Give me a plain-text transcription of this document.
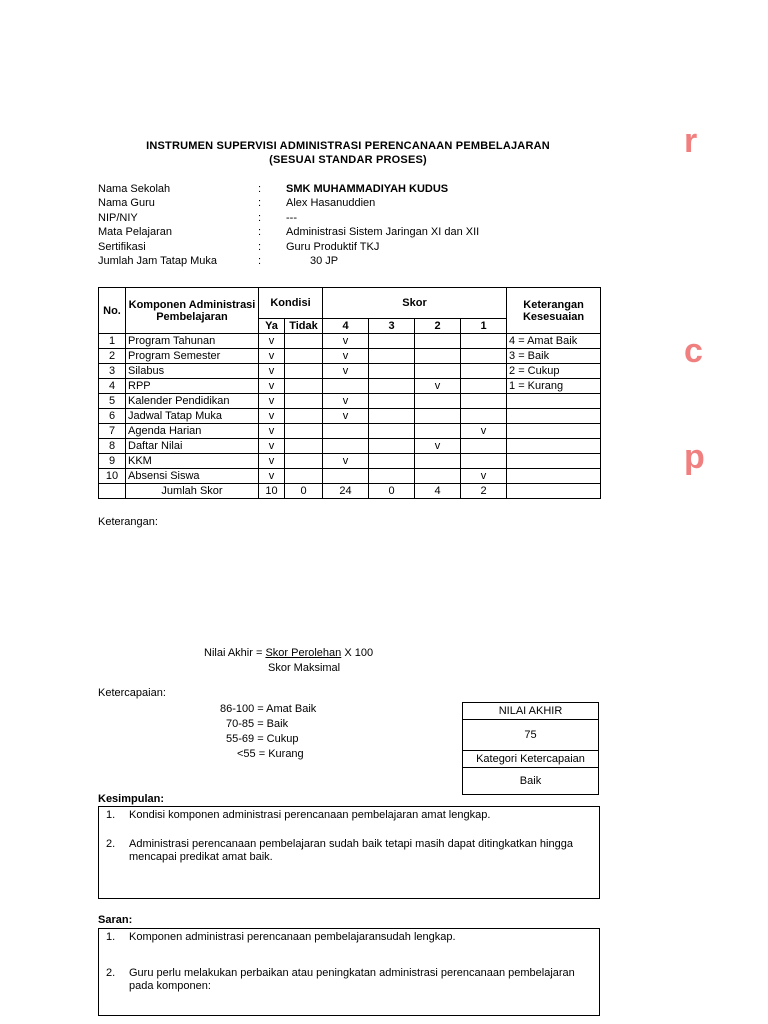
INSTRUMEN SUPERVISI ADMINISTRASI PERENCANAAN PEMBELAJARAN
(SESUAI STANDAR PROSES)
Nama Sekolah	: SMK MUHAMMADIYAH KUDUS
Nama Guru	: Alex Hasanuddien
NIP/NIY	: ---
Mata Pelajaran	: Administrasi Sistem Jaringan XI dan XII
Sertifikasi	: Guru Produktif TKJ
Jumlah Jam Tatap Muka	:	30 JP
No.	Komponen Administrasi Pembelajaran	Kondisi		Skor				Keterangan Kesesuaian
		Ya	Tidak	4	3	2	1	
1	Program Tahunan	v		v				4 = Amat Baik
2	Program Semester	v		v				3 = Baik
3	Silabus	v		v				2 = Cukup
4	RPP	v				v		1 = Kurang
5	Kalender Pendidikan	v		v				
6	Jadwal Tatap Muka	v		v				
7	Agenda Harian	v					v	
8	Daftar Nilai	v				v		
9	KKM	v		v				
10	Absensi Siswa	v					v	
	Jumlah Skor	10	0	24	0	4	2	
Keterangan:
Nilai Akhir = Skor Perolehan X 100
Skor Maksimal
Ketercapaian:
86-100 = Amat Baik
70-85 = Baik
55-69 = Cukup
<55 = Kurang
NILAI AKHIR
75
Kategori Ketercapaian
Baik
Kesimpulan:
1.	Kondisi komponen administrasi perencanaan pembelajaran amat lengkap.
2.	Administrasi perencanaan pembelajaran sudah baik tetapi masih dapat ditingkatkan hingga mencapai predikat amat baik.
Saran:
1.	Komponen administrasi perencanaan pembelajaransudah lengkap.
2.	Guru perlu melakukan perbaikan atau peningkatan administrasi perencanaan pembelajaran pada komponen:
r
c
p
